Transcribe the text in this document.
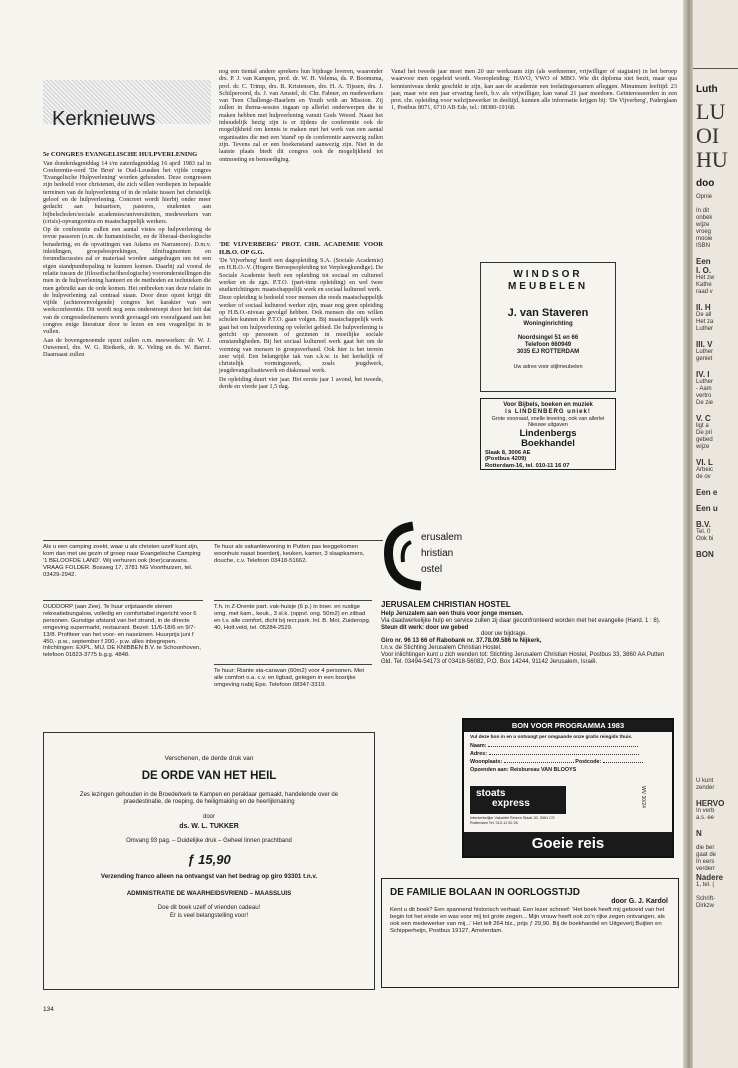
Kerknieuws
5e CONGRES EVANGELISCHE HULPVERLENING

Van donderdagmiddag 14 t/m zaterdagmiddag 16 april 1983 zal in Conferentie-oord 'De Bron' te Oud-Leusden het vijfde congres 'Evangelische Hulpverlening' worden gehouden. Deze congressen zijn bedoeld voor christenen, die zich willen verdiepen in bepaalde terreinen van de hulpverlening of in de relatie tussen het christelijk geloof en de hulpverlening. Concreet wordt hierbij onder meer gedacht aan huisartsen, pastores, studenten aan bijbelscholen/sociale academies/universiteiten, medewerkers van (crisis)-opvangcentra en maatschappelijk werkers.

Op de conferentie zullen een aantal visies op hulpverlening de revue passeren (o.m. de humanistische, en de liberaal-theologische benadering, en de opvattingen van Adams en Narramore). D.m.v. inleidingen, groepsbesprekingen, filmfragmenten en forumdiscussies zal er materiaal worden aangedragen om tot een eigen standpuntbepaling te kunnen komen. Daarbij zal vooral de relatie tussen de (filosofische/theologische) vooronderstellingen die men in de hulpverlening hanteert en de methoden en technieken die men gebruikt aan de orde komen. Het ontbreken van deze relatie in de hulpverlening zal centraal staan. Door deze opzet krijgt dit vijfde (achtereenvolgende) congres het karakter van een werkconferentie. Dit wordt nog eens onderstreept door het feit dat van de congresdeelnemers wordt gevraagd om voorafgaand aan het congres enige literatuur door te lezen en een vragenlijst in te vullen.

Aan de bovengenoemde opzet zullen o.m. meewerken: dr. W. J. Ouweneel, drs. W. G. Rietkerk, dr. K. Veling en ds. W. Barret. Daarnaast zullen

nog een tiental andere sprekers hun bijdrage leveren, waaronder drs. P. J. van Kampen, prof. dr. W. H. Velema, ds. P. Boomsma, prof. dr. C. Trimp, drs. B. Kristensen, drs. H. A. Tijssen, drs. J. Schilperoord, ds. J. van Amstel, dr. Chr. Fabner, en medewerkers van Teen Challenge-Haarlem en Youth with an Mission. Zij zullen in thema-sessies ingaan op allerlei onderwerpen die te maken hebben met hulpverlening vanuit Gods Woord. Naast het inhoudelijk bezig zijn is er tijdens de conferentie ook de mogelijkheid om kennis te maken met het werk van een aantal organisaties die met een 'stand' op de conferentie aanwezig zullen zijn. Tevens zal er een boekenstand aanwezig zijn. Niet in de laatste plaats biedt dit congres ook de mogelijkheid tot ontmoeting en bemoediging.

'DE VIJVERBERG' PROT. CHR. ACADEMIE VOOR H.B.O. OP G.G.

'De Vijverberg' heeft een dagopleiding S.A. (Sociale Academie) en H.B.O.-V. (Hogere Beroepsopleiding tot Verpleegkundige). De Sociale Academie heeft een opleiding tot sociaal en cultureel werker en de zgn. P.T.O. (part-time opleiding) en wel twee studierichtingen: maatschappelijk werk en sociaal kultureel werk.

Deze opleiding is bedoeld voor mensen die reeds maatschappelijk werker of sociaal kultureel werker zijn, maar nog geen opleiding op H.B.O.-niveau gevolgd hebben. Ook mensen die om willen scholen kunnen de P.T.O. gaan volgen. Bij maatschappelijk werk gaat het om hulpverlening op velerlei gebied. De hulpverlening is gericht op personen of gezinnen in moeilijke sociale omstandigheden. Bij het sociaal kultureel werk gaat het om de vorming van mensen in groepsverband. Ook hier is het terrein zeer wijd. Een belangrijke tak van s.k.w. is het kerkelijk of christelijk vormingswerk, zoals jeugdwerk, jeugdevangelisatiewerk en diakonaal werk.

De opleiding duurt vier jaar. Het eerste jaar 1 avond, het tweede, derde en vierde jaar 1,5 dag.

Vanaf het tweede jaar moet men 20 uur werkzaam zijn (als werknemer, vrijwilliger of stagiaire) in het beroep waarvoor men opgeleid wordt. Vooropleiding: HAVO, VWO of MBO. Wie dit diploma niet bezit, maar qua kennisniveau denkt geschikt te zijn, kan aan de academie een toelatingsexamen afleggen. Minumum leeftijd: 23 jaar, maar wie een jaar ervaring heeft, b.v. als vrijwilliger, kan vanaf 21 jaar meedoen. Geïnteresseerden in een prot. chr. opleiding voor welzijnswerker in deeltijd, kunnen alle informatie krijgen bij: 'De Vijverberg', Paderglaan 1, Postbus 8071, 6710 AB Ede, tel.: 08380-19168.

WINDSOR MEUBELEN
J. van Staveren
Woninginrichting
Noordsingel 51 en 66
Telefoon 660949
3035 EJ ROTTERDAM
Uw adres voor stijlmeubelen
Voor Bijbels, boeken en muziek
is LINDENBERG uniek!
Grote voorraad, snelle levering, ook van allerlei Nieuwe uitgaven
Lindenbergs Boekhandel
Slaak 8, 3006 AE
(Postbus 4209)
Rotterdam-16, tel. 010-11 16 07

Als u een camping zoekt, waar u als christen uzelf kunt zijn, kom dan met uw gezin of groep naar Evangelische Camping '1 BELOOFDE LAND'. Wij verhuren ook (toer)caravans. VRAAG FOLDER. Bosweg 17, 3781 NG Voorthuizen, tel. 03429-2942.

Te huur als vakantiewoning in Putten pas leeggekomen woonhuis naast boerderij, keuken, kamer, 3 slaapkamers, douche, c.v. Telefoon 03418-51662.

OUDDORP (aan Zee). Te huur vrijstaande stenen rekreatiebungalow, volledig en comfortabel ingericht voor 6 personen. Gunstige afstand van het strand, in de directe omgeving supermarkt, restaurant. Bezet: 11/6-18/6 en 9/7-13/8. Profiteer van het voor- en naseizoen. Huurprijs juni f 450,- p.w., september f 200,- p.w. alles inbegrepen. Inlichtingen: EXPL. MIJ. DE KNIBBEN B.V. te Schoonhoven, telefoon 01823-3775 b.g.g. 4848.

T.h. in Z-Drente part. vak-huisje (6 p.) in boer. en rustige omg. met kam., keuk., 3 sl.k. (oppvl. ong. 50m2) en zitbad en t.v. alle comfort, dicht bij recr.park. Inl. B. Mol, Zuideropg. 40, Holt.veld, tel. 05284-2529.

Te huur: Riante sta-caravan (60m2) voor 4 personen. Met alle comfort o.a. c.v. en ligbad, gelegen in een bosrijke omgeving nabij Epe. Telefoon 08347-3319.

Verschenen, de derde druk van
DE ORDE VAN HET HEIL
Zes lezingen gehouden in de Broederkerk te Kampen en peraklaar gemaakt, handelende over de praedestinatie, de roeping, de heiligmaking en de heerlijkmaking
door
ds. W. L. TUKKER
Omvang 93 pag. – Duidelijke druk – Geheel linnen prachtband
ƒ 15,90
Verzending franco alleen na ontvangst van het bedrag op giro 93301 t.n.v.
ADMINISTRATIE DE WAARHEIDSVRIEND – MAASSLUIS
Doe dit boek uzelf of vrienden cadeau!
Er is veel belangstelling voor!
erusalem
hristian
ostel
JERUSALEM CHRISTIAN HOSTEL
Help Jeruzalem aan een thuis voor jonge mensen.
Via daadwerkelijke hulp en service zullen zij daar geconfronteerd worden met het evangelie (Hand. 1 : 8).
Steun dit werk: door uw gebed
door uw bijdrage.
Giro nr. 96 13 66 of Rabobank nr. 37.78.09.586 te Nijkerk,
t.n.v. de Stichting Jerusalem Christian Hostel.
Voor inlichtingen kunt u zich wenden tot: Stichting Jerusalem Christian Hostel, Postbus 33, 3860 AA Putten Gld. Tel. 03494-54173 of 03418-56082, P.O. Box 14244, 91142 Jerusalem, Israël.
BON VOOR PROGRAMMA 1983
Vul deze bon in en u ontvangt per omgaande onze gratis reisgids thuis.
Naam:
Adres:
Woonplaats:	Postcode:
Opzenden aan: Reisbureau VAN BLOOYS
stoats
express
Interkerkelijke Vakantie Reizen Slaak 30, 3061 CS Rotterdam Tel. 010-11 52 26
WV 30/24
Goeie reis
DE FAMILIE BOLAAN IN OORLOGSTIJD
door G. J. Kardol
Kent u dit boek? Een spannend historisch verhaal. Een lezer schreef: 'Het boek heeft mij geboeid van het begin tot het einde en was voor mij tot grote zegen... Mijn vrouw heeft ook zo'n rijke zegen ontvangen, als ook een medewerker van mij...' Het telt 264 blz., prijs ƒ 29,90. Bij de boekhandel en Uitgeverij Buijten en Schipperheijn, Postbus 19127, Amsterdam.
134
Luth
LU
OI
HU
doo
Opnie

In dit
onbek
wijze
vroeg
mooie
ISBN

Een
I. O.
Het zw
Kathe
raad v

II. H
De all
Het za
Luther

III. V
Luther
geniet

IV. I
Luther
- Aam
vertro
De zie

V. C
ligt a
De pri
gebed
wijze

VI. L
Arbeic
de ov

Een e

Een u

B.V.
Tel. 0
Ook bi

BON
U kunt
zender

HERVO
In verb
a.s. ee

N

die ber
gaat de
In eers
verderr
Nadere
1, tel. (

Schrift-
Dirkzw
